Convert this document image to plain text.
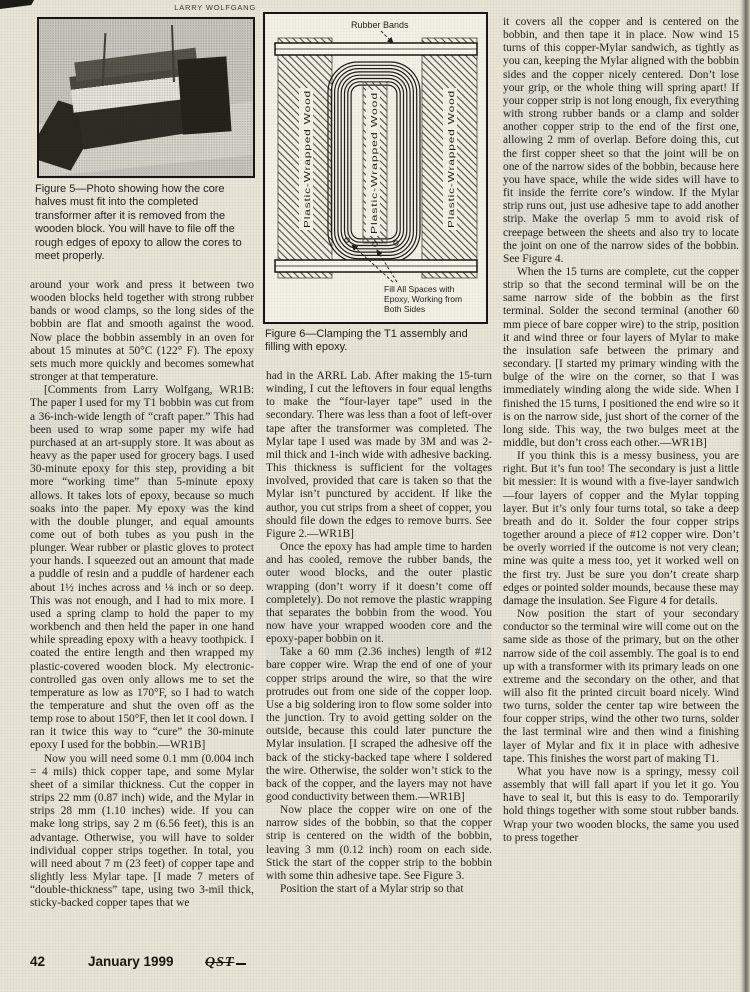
LARRY WOLFGANG
Figure 5—Photo showing how the core halves must fit into the completed transformer after it is removed from the wooden block. You will have to file off the rough edges of epoxy to allow the cores to meet properly.
Plastic-Wrapped Wood	Plastic-Wrapped Wood	Plastic-Wrapped Wood
Rubber Bands
Fill All Spaces with
Epoxy, Working from
Both Sides
Figure 6—Clamping the T1 assembly and filling with epoxy.

around your work and press it between two wooden blocks held together with strong rubber bands or wood clamps, so the long sides of the bobbin are flat and smooth against the wood. Now place the bobbin assembly in an oven for about 15 minutes at 50°C (122° F). The epoxy sets much more quickly and becomes somewhat stronger at that temperature.

[Comments from Larry Wolfgang, WR1B: The paper I used for my T1 bobbin was cut from a 36-inch-wide length of “craft paper.” This had been used to wrap some paper my wife had purchased at an art-supply store. It was about as heavy as the paper used for grocery bags. I used 30-minute epoxy for this step, providing a bit more “working time” than 5-minute epoxy allows. It takes lots of epoxy, because so much soaks into the paper. My epoxy was the kind with the double plunger, and equal amounts come out of both tubes as you push in the plunger. Wear rubber or plastic gloves to protect your hands. I squeezed out an amount that made a puddle of resin and a puddle of hardener each about 1½ inches across and ⅛ inch or so deep. This was not enough, and I had to mix more. I used a spring clamp to hold the paper to my workbench and then held the paper in one hand while spreading epoxy with a heavy toothpick. I coated the entire length and then wrapped my plastic-covered wooden block. My electronic-controlled gas oven only allows me to set the temperature as low as 170°F, so I had to watch the temperature and shut the oven off as the temp rose to about 150°F, then let it cool down. I ran it twice this way to “cure” the 30-minute epoxy I used for the bobbin.—WR1B]

Now you will need some 0.1 mm (0.004 inch = 4 mils) thick copper tape, and some Mylar sheet of a similar thickness. Cut the copper in strips 22 mm (0.87 inch) wide, and the Mylar in strips 28 mm (1.10 inches) wide. If you can make long strips, say 2 m (6.56 feet), this is an advantage. Otherwise, you will have to solder individual copper strips together. In total, you will need about 7 m (23 feet) of copper tape and slightly less Mylar tape. [I made 7 meters of “double-thickness” tape, using two 3-mil thick, sticky-backed copper tapes that we

had in the ARRL Lab. After making the 15-turn winding, I cut the leftovers in four equal lengths to make the “four-layer tape” used in the secondary. There was less than a foot of left-over tape after the transformer was completed. The Mylar tape I used was made by 3M and was 2-mil thick and 1-inch wide with adhesive backing. This thickness is sufficient for the voltages involved, provided that care is taken so that the Mylar isn’t punctured by accident. If like the author, you cut strips from a sheet of copper, you should file down the edges to remove burrs. See Figure 2.—WR1B]

Once the epoxy has had ample time to harden and has cooled, remove the rubber bands, the outer wood blocks, and the outer plastic wrapping (don’t worry if it doesn’t come off completely). Do not remove the plastic wrapping that separates the bobbin from the wood. You now have your wrapped wooden core and the epoxy-paper bobbin on it.

Take a 60 mm (2.36 inches) length of #12 bare copper wire. Wrap the end of one of your copper strips around the wire, so that the wire protrudes out from one side of the copper loop. Use a big soldering iron to flow some solder into the junction. Try to avoid getting solder on the outside, because this could later puncture the Mylar insulation. [I scraped the adhesive off the back of the sticky-backed tape where I soldered the wire. Otherwise, the solder won’t stick to the back of the copper, and the layers may not have good conductivity between them.—WR1B]

Now place the copper wire on one of the narrow sides of the bobbin, so that the copper strip is centered on the width of the bobbin, leaving 3 mm (0.12 inch) room on each side. Stick the start of the copper strip to the bobbin with some thin adhesive tape. See Figure 3.

Position the start of a Mylar strip so that

it covers all the copper and is centered on the bobbin, and then tape it in place. Now wind 15 turns of this copper-Mylar sandwich, as tightly as you can, keeping the Mylar aligned with the bobbin sides and the copper nicely centered. Don’t lose your grip, or the whole thing will spring apart! If your copper strip is not long enough, fix everything with strong rubber bands or a clamp and solder another copper strip to the end of the first one, allowing 2 mm of overlap. Before doing this, cut the first copper sheet so that the joint will be on one of the narrow sides of the bobbin, because here you have space, while the wide sides will have to fit inside the ferrite core’s window. If the Mylar strip runs out, just use adhesive tape to add another strip. Make the overlap 5 mm to avoid risk of creepage between the sheets and also try to locate the joint on one of the narrow sides of the bobbin. See Figure 4.

When the 15 turns are complete, cut the copper strip so that the second terminal will be on the same narrow side of the bobbin as the first terminal. Solder the second terminal (another 60 mm piece of bare copper wire) to the strip, position it and wind three or four layers of Mylar to make the insulation safe between the primary and secondary. [I started my primary winding with the bulge of the wire on the corner, so that I was immediately winding along the wide side. When I finished the 15 turns, I positioned the end wire so it is on the narrow side, just short of the corner of the long side. This way, the two bulges meet at the middle, but don’t cross each other.—WR1B]

If you think this is a messy business, you are right. But it’s fun too! The secondary is just a little bit messier: It is wound with a five-layer sandwich—four layers of copper and the Mylar topping layer. But it’s only four turns total, so take a deep breath and do it. Solder the four copper strips together around a piece of #12 copper wire. Don’t be overly worried if the outcome is not very clean; mine was quite a mess too, yet it worked well on the first try. Just be sure you don’t create sharp edges or pointed solder mounds, because these may damage the insulation. See Figure 4 for details.

Now position the start of your secondary conductor so the terminal wire will come out on the same side as those of the primary, but on the other narrow side of the coil assembly. The goal is to end up with a transformer with its primary leads on one extreme and the secondary on the other, and that will also fit the printed circuit board nicely. Wind two turns, solder the center tap wire between the four copper strips, wind the other two turns, solder the last terminal wire and then wind a finishing layer of Mylar and fix it in place with adhesive tape. This finishes the worst part of making T1.

What you have now is a springy, messy coil assembly that will fall apart if you let it go. You have to seal it, but this is easy to do. Temporarily hold things together with some stout rubber bands. Wrap your two wooden blocks, the same you used to press together

42	January 1999	QST
